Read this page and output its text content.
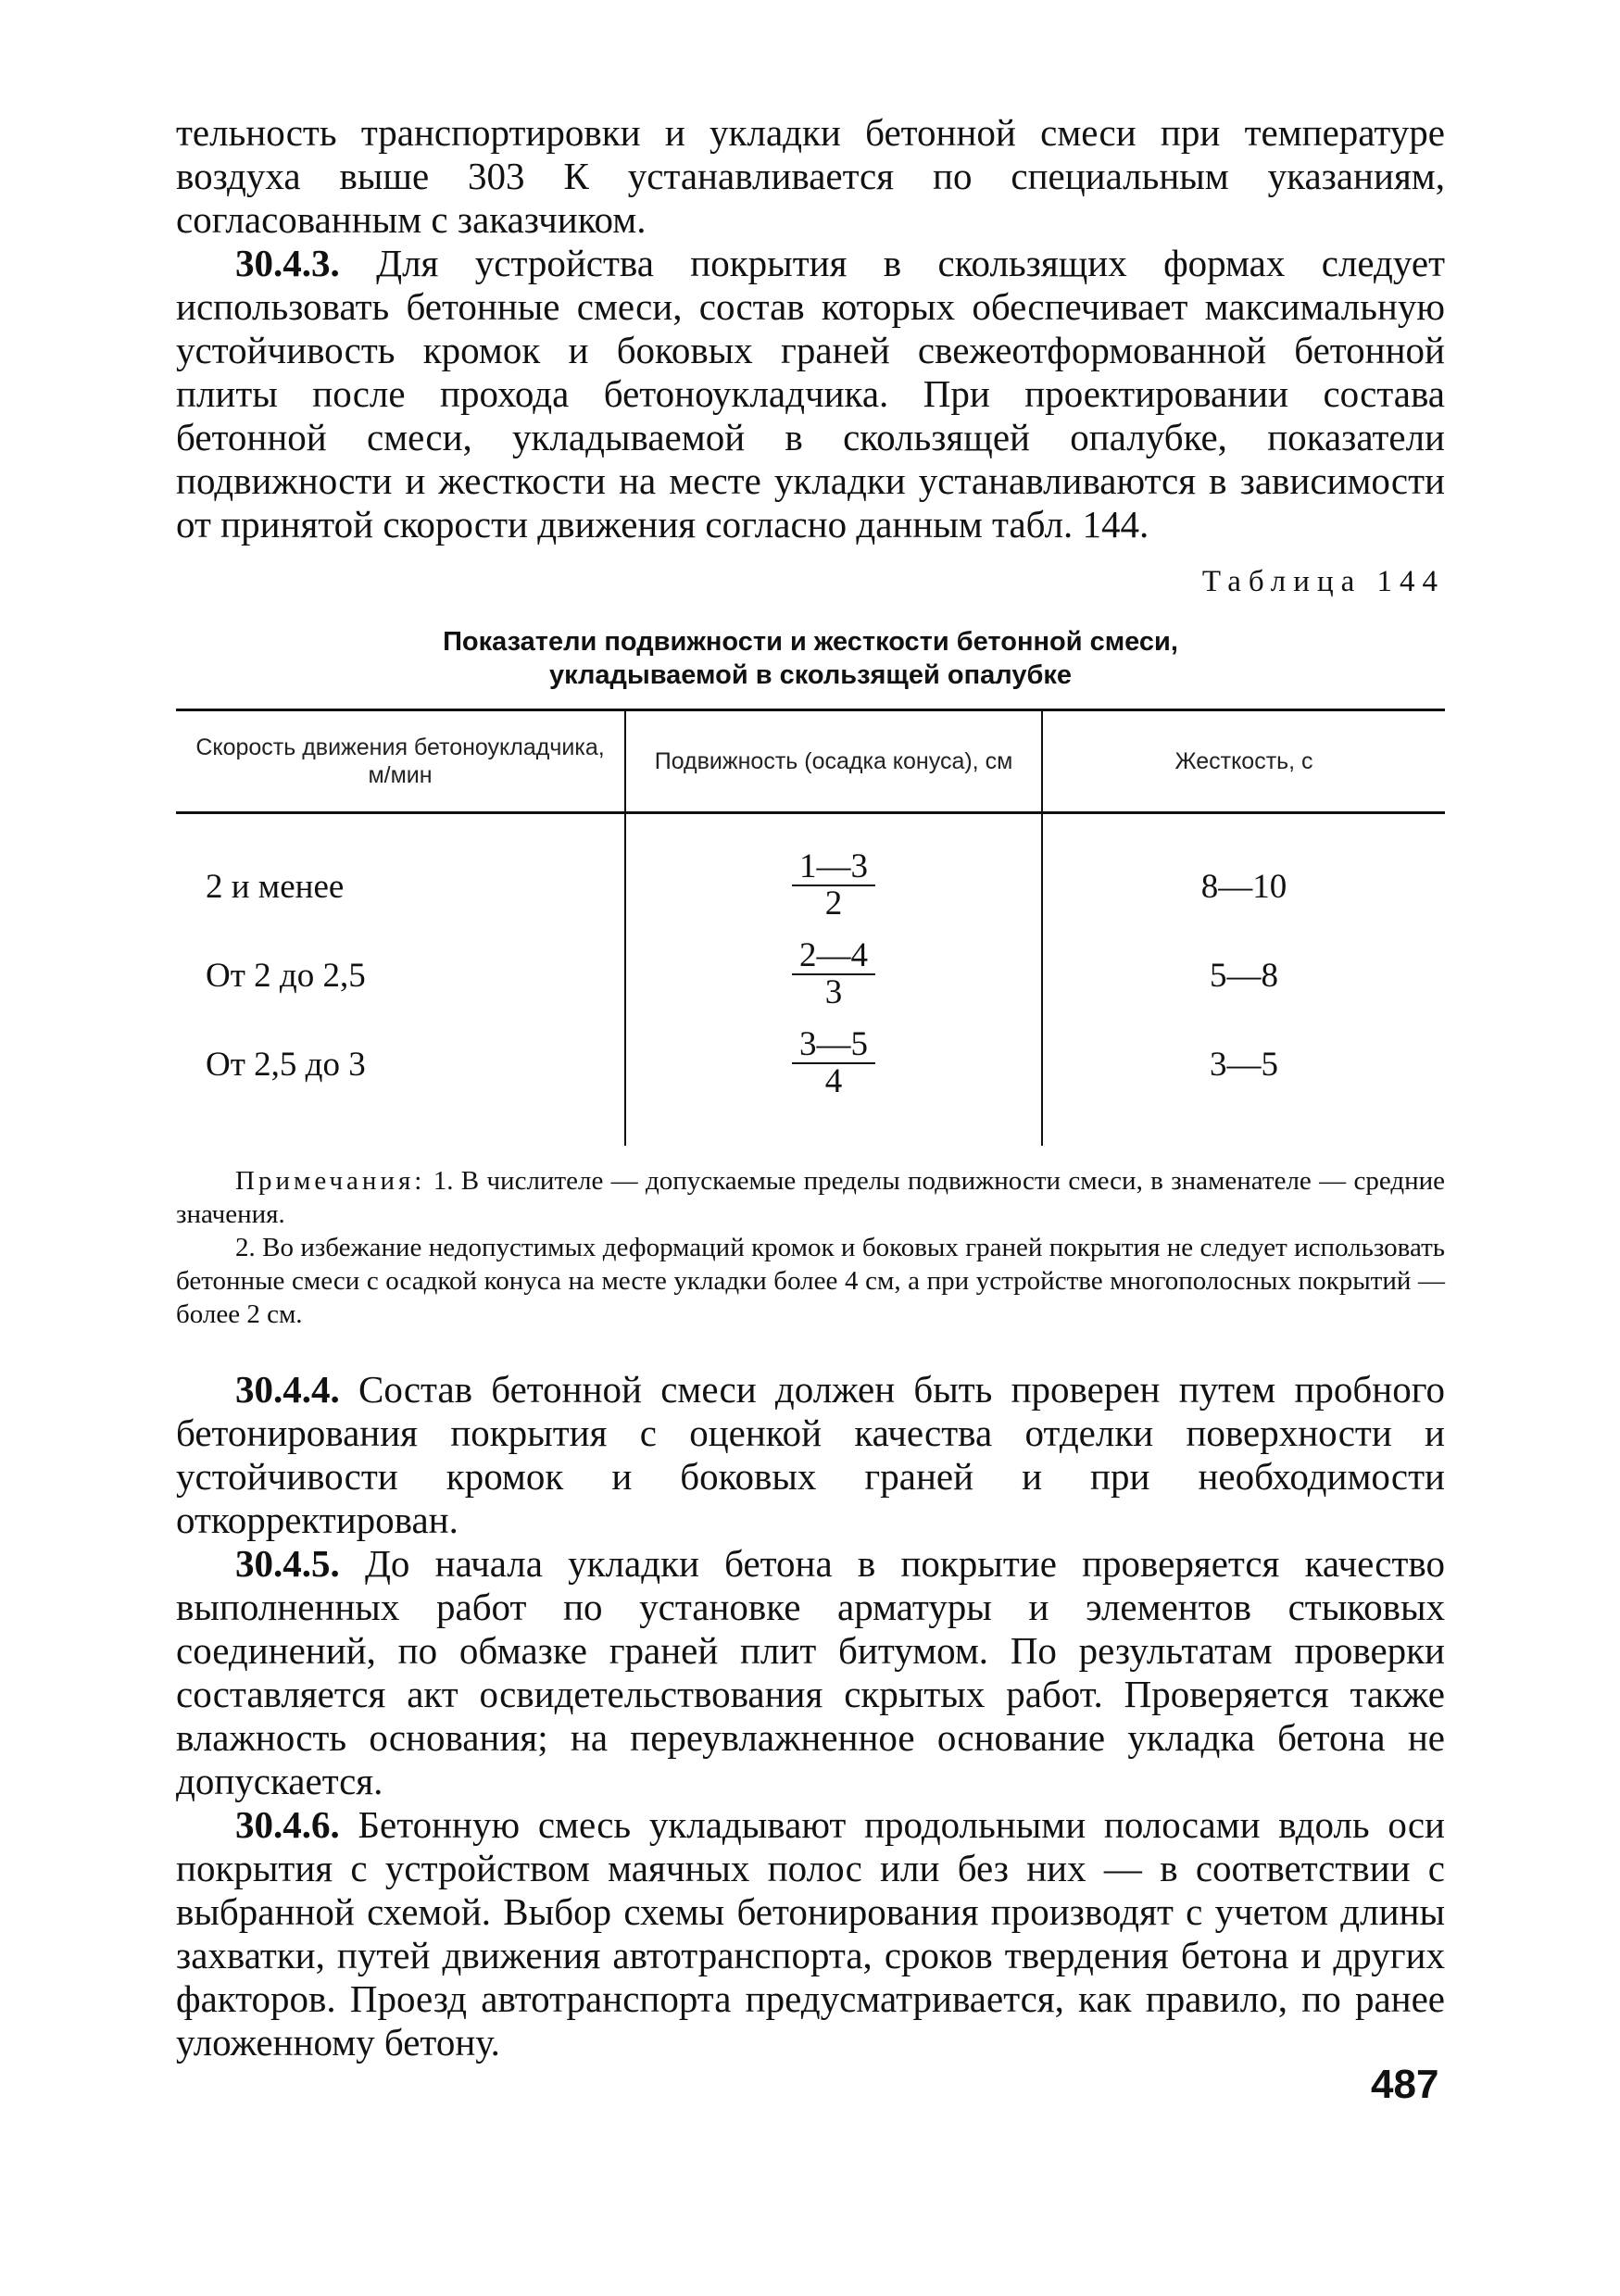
тельность транспортировки и укладки бетонной смеси при температуре воздуха выше 303 К устанавливается по специальным указаниям, согласованным с заказчиком.

30.4.3. Для устройства покрытия в скользящих формах следует использовать бетонные смеси, состав которых обеспечивает максимальную устойчивость кромок и боковых граней свежеотформованной бетонной плиты после прохода бетоноукладчика. При проектировании состава бетонной смеси, укладываемой в скользящей опалубке, показатели подвижности и жесткости на месте укладки устанавливаются в зависимости от принятой скорости движения согласно данным табл. 144.

Таблица 144
Показатели подвижности и жесткости бетонной смеси,
укладываемой в скользящей опалубке
Скорость движения бетоноукладчика, м/мин	Подвижность (осадка конуса), см	Жесткость, с
2 и менее	$\frac{1—3}{2}$	8—10
От 2 до 2,5	$\frac{2—4}{3}$	5—8
От 2,5 до 3	$\frac{3—5}{4}$	3—5

Примечания: 1. В числителе — допускаемые пределы подвижности смеси, в знаменателе — средние значения.

2. Во избежание недопустимых деформаций кромок и боковых граней покрытия не следует использовать бетонные смеси с осадкой конуса на месте укладки более 4 см, а при устройстве многополосных покрытий — более 2 см.

30.4.4. Состав бетонной смеси должен быть проверен путем пробного бетонирования покрытия с оценкой качества отделки поверхности и устойчивости кромок и боковых граней и при необходимости откорректирован.

30.4.5. До начала укладки бетона в покрытие проверяется качество выполненных работ по установке арматуры и элементов стыковых соединений, по обмазке граней плит битумом. По результатам проверки составляется акт освидетельствования скрытых работ. Проверяется также влажность основания; на переувлажненное основание укладка бетона не допускается.

30.4.6. Бетонную смесь укладывают продольными полосами вдоль оси покрытия с устройством маячных полос или без них — в соответствии с выбранной схемой. Выбор схемы бетонирования производят с учетом длины захватки, путей движения автотранспорта, сроков твердения бетона и других факторов. Проезд автотранспорта предусматривается, как правило, по ранее уложенному бетону.

487
